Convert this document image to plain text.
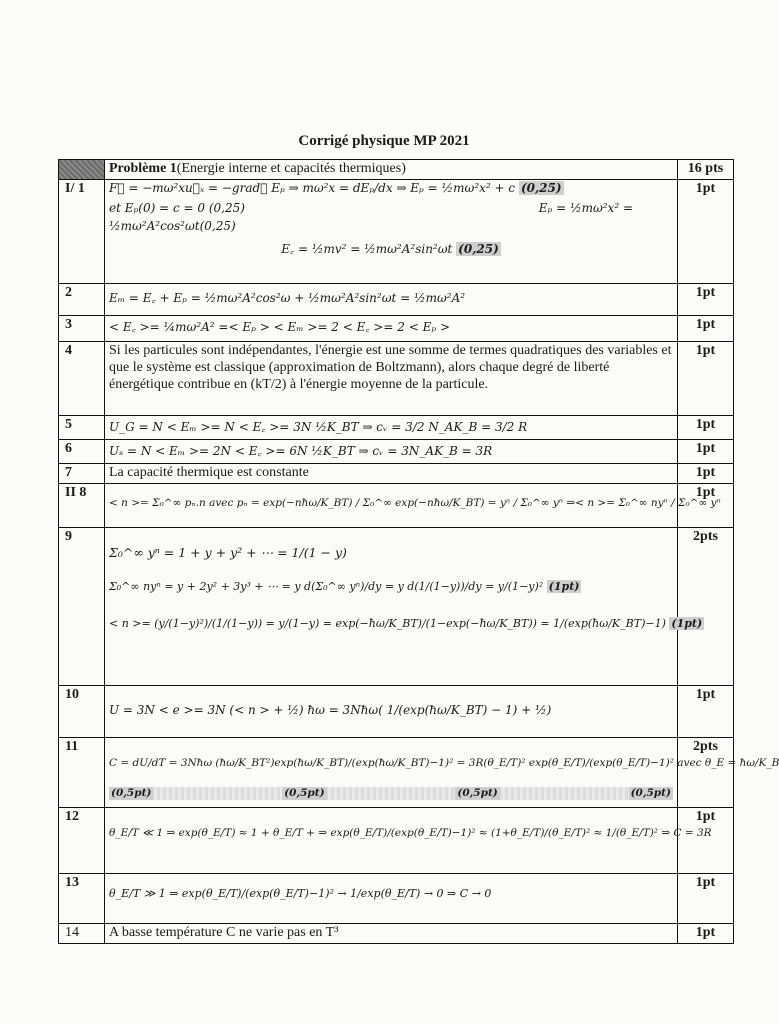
Corrigé physique MP 2021
	Problème 1(Energie interne et capacités thermiques)	16 pts
I/ 1	F⃗ = −mω²xu⃗ₓ = −grad⃗ Eₚ ⇒ mω²x = dEₚ/dx ⇒ Eₚ = ½mω²x² + c (0,25)
et Eₚ(0) = c = 0 (0,25) Eₚ = ½mω²x² =
½mω²A²cos²ωt(0,25)
E꜀ = ½mv² = ½mω²A²sin²ωt (0,25)	1pt
2	Eₘ = E꜀ + Eₚ = ½mω²A²cos²ω + ½mω²A²sin²ωt = ½mω²A²	1pt
3	< E꜀ >= ¼mω²A² =< Eₚ > < Eₘ >= 2 < E꜀ >= 2 < Eₚ >	1pt
4	Si les particules sont indépendantes, l'énergie est une somme de termes quadratiques des variables et que le système est classique (approximation de Boltzmann), alors chaque degré de liberté énergétique contribue en (kT/2) à l'énergie moyenne de la particule.	1pt
5	U_G = N < Eₘ >= N < E꜀ >= 3N ½K_BT ⇒ cᵥ = 3/2 N_AK_B = 3/2 R	1pt
6	Uₛ = N < Eₘ >= 2N < E꜀ >= 6N ½K_BT ⇒ cᵥ = 3N_AK_B = 3R	1pt
7	La capacité thermique est constante	1pt
II 8	< n >= Σ₀^∞ pₙ.n avec pₙ = exp(−nħω/K_BT) / Σ₀^∞ exp(−nħω/K_BT) = yⁿ / Σ₀^∞ yⁿ ⇒< n >= Σ₀^∞ nyⁿ / Σ₀^∞ yⁿ	1pt
9	Σ₀^∞ yⁿ = 1 + y + y² + ⋯ = 1/(1 − y)
Σ₀^∞ nyⁿ = y + 2y² + 3y³ + ⋯ = y d(Σ₀^∞ yⁿ)/dy = y d(1/(1−y))/dy = y/(1−y)² (1pt)
< n >= (y/(1−y)²)/(1/(1−y)) = y/(1−y) = exp(−ħω/K_BT)/(1−exp(−ħω/K_BT)) = 1/(exp(ħω/K_BT)−1) (1pt)	2pts
10	U = 3N < e >= 3N (< n > + ½) ħω = 3Nħω( 1/(exp(ħω/K_BT) − 1) + ½)	1pt
11	C = dU/dT = 3Nħω (ħω/K_BT²)exp(ħω/K_BT)/(exp(ħω/K_BT)−1)² = 3R(θ_E/T)² exp(θ_E/T)/(exp(θ_E/T)−1)² avec θ_E = ħω/K_B
(0,5pt) (0,5pt) (0,5pt) (0,5pt)	2pts
12	θ_E/T ≪ 1 ⇒ exp(θ_E/T) ≈ 1 + θ_E/T + ⇒ exp(θ_E/T)/(exp(θ_E/T)−1)² ≈ (1+θ_E/T)/(θ_E/T)² ≈ 1/(θ_E/T)² ⇒ C = 3R	1pt
13	θ_E/T ≫ 1 ⇒ exp(θ_E/T)/(exp(θ_E/T)−1)² → 1/exp(θ_E/T) → 0 ⇒ C → 0	1pt
14	A basse température C ne varie pas en T³	1pt
